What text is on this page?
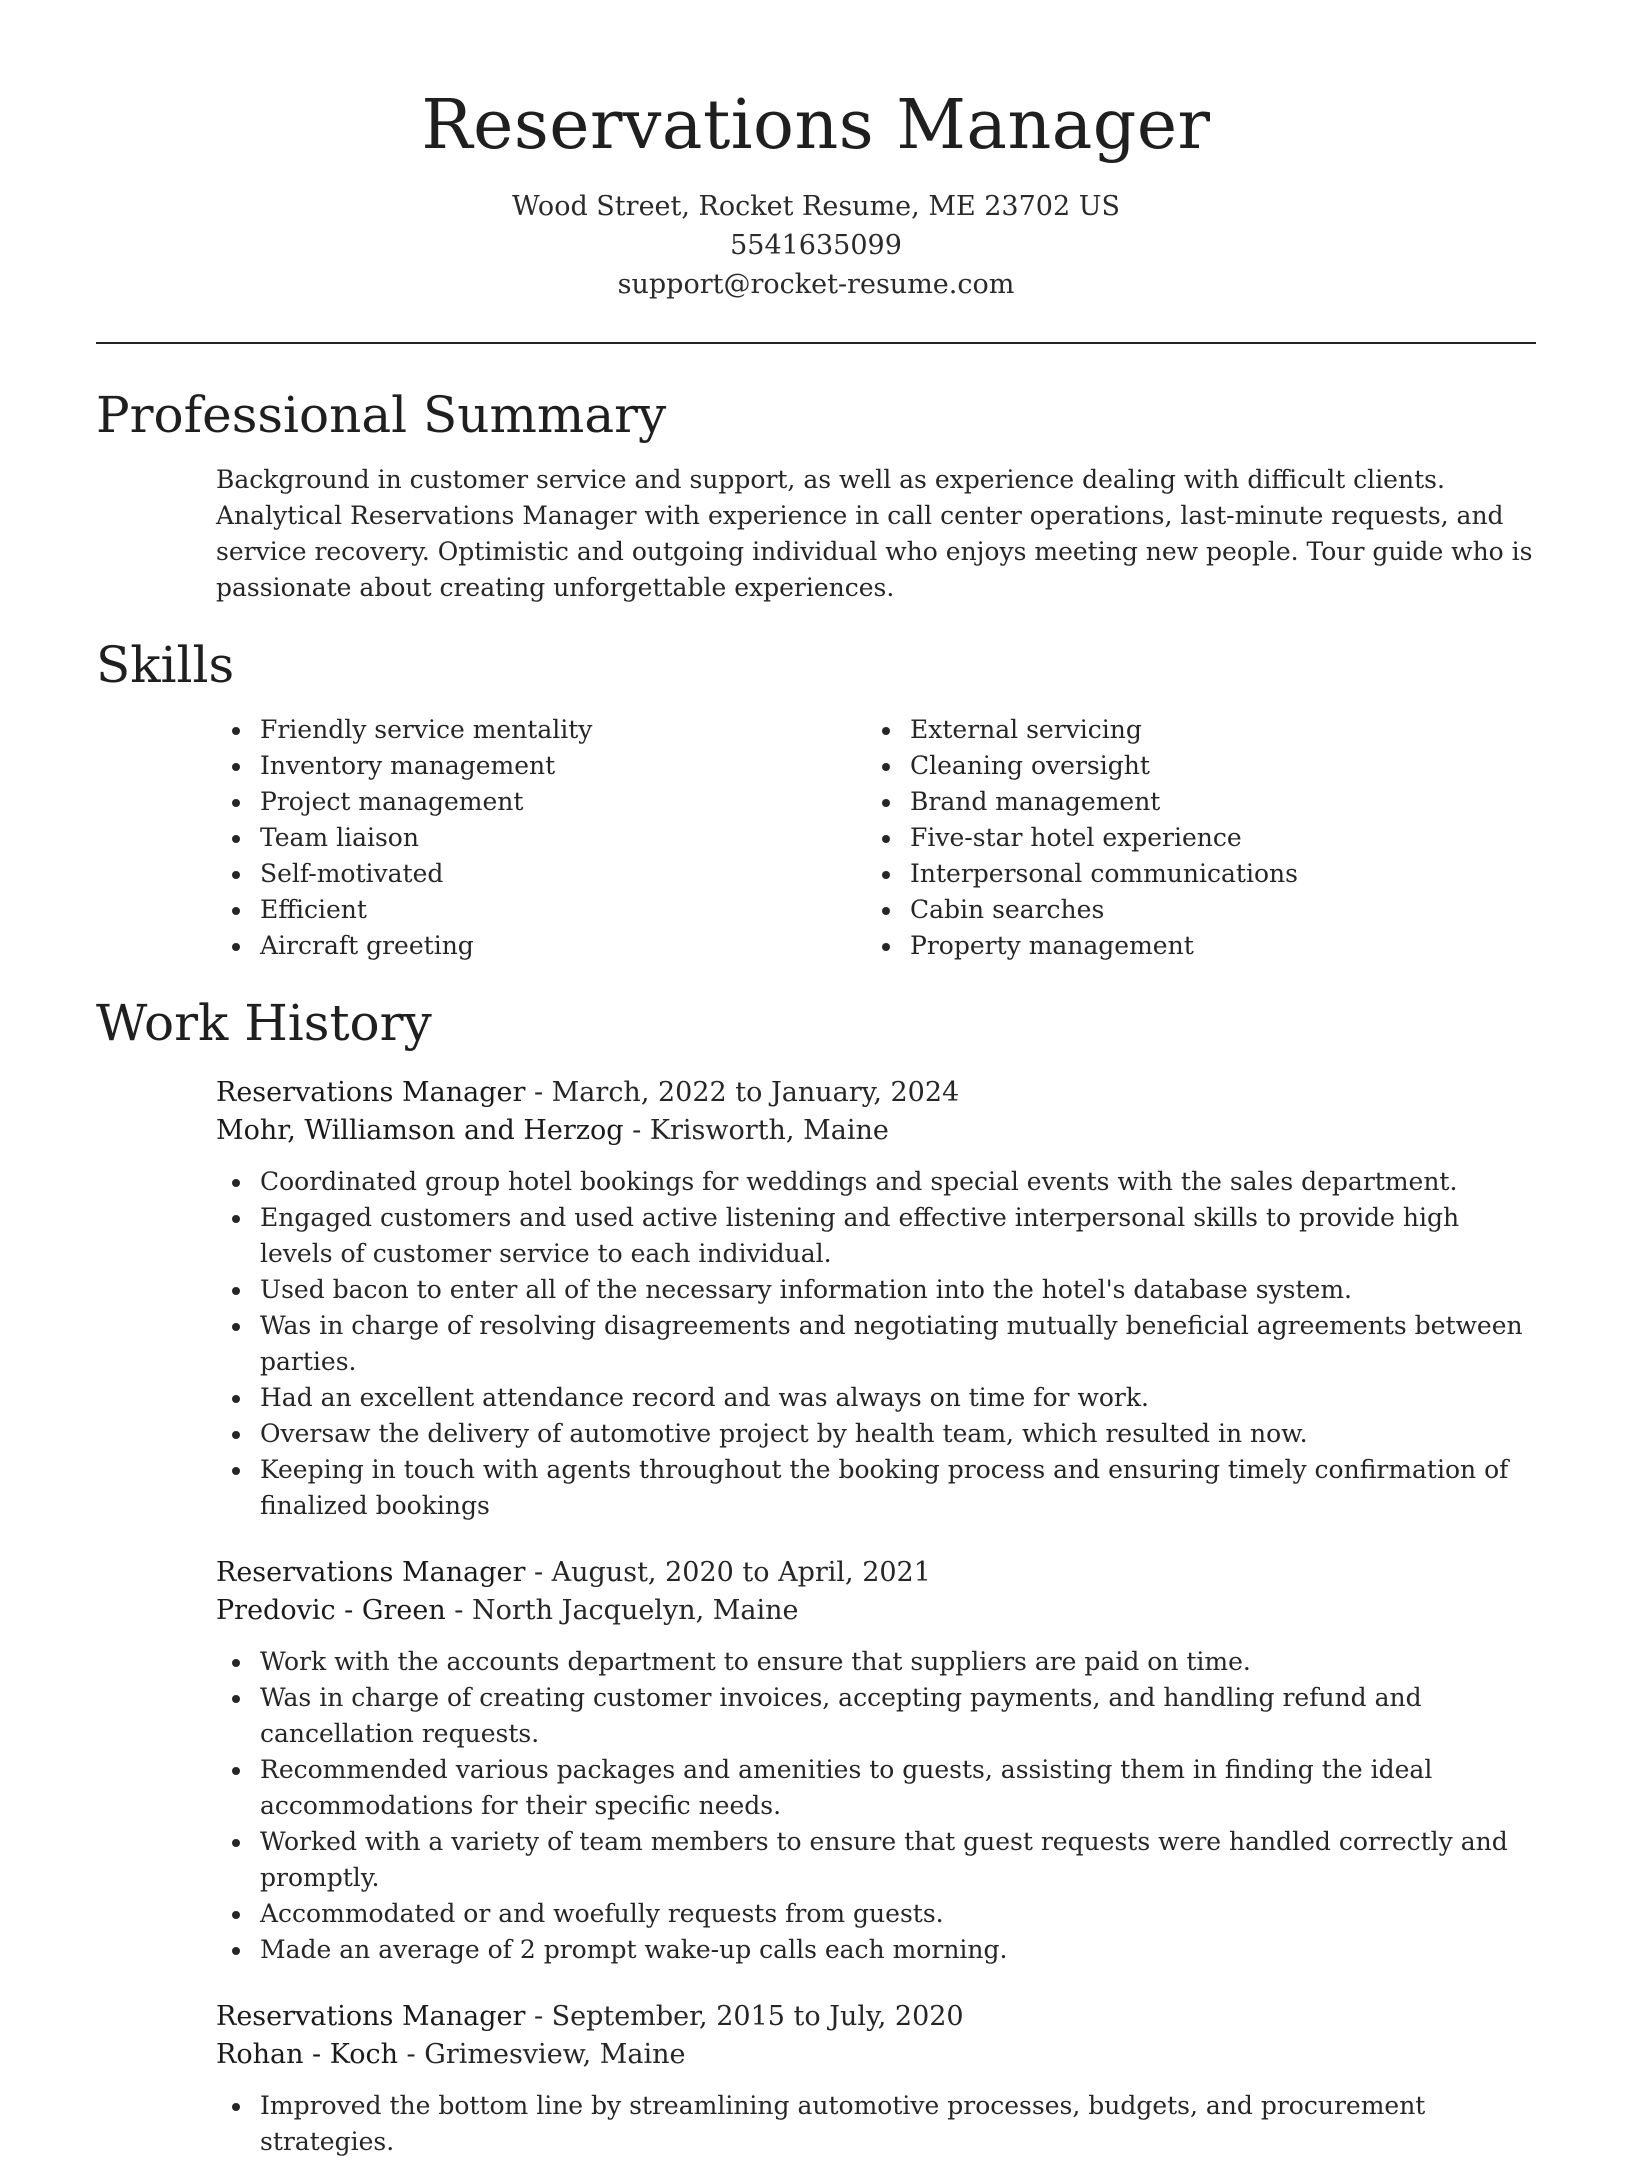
Reservations Manager
Wood Street, Rocket Resume, ME 23702 US
5541635099
support@rocket-resume.com
Professional Summary

Background in customer service and support, as well as experience dealing with difficult clients. Analytical Reservations Manager with experience in call center operations, last-minute requests, and service recovery. Optimistic and outgoing individual who enjoys meeting new people. Tour guide who is passionate about creating unforgettable experiences.

Skills
Friendly service mentality
Inventory management
Project management
Team liaison
Self-motivated
Efficient
Aircraft greeting
External servicing
Cleaning oversight
Brand management
Five-star hotel experience
Interpersonal communications
Cabin searches
Property management
Work History
Reservations Manager - March, 2022 to January, 2024
Mohr, Williamson and Herzog - Krisworth, Maine
Coordinated group hotel bookings for weddings and special events with the sales department.
Engaged customers and used active listening and effective interpersonal skills to provide high levels of customer service to each individual.
Used bacon to enter all of the necessary information into the hotel's database system.
Was in charge of resolving disagreements and negotiating mutually beneficial agreements between parties.
Had an excellent attendance record and was always on time for work.
Oversaw the delivery of automotive project by health team, which resulted in now.
Keeping in touch with agents throughout the booking process and ensuring timely confirmation of finalized bookings
Reservations Manager - August, 2020 to April, 2021
Predovic - Green - North Jacquelyn, Maine
Work with the accounts department to ensure that suppliers are paid on time.
Was in charge of creating customer invoices, accepting payments, and handling refund and cancellation requests.
Recommended various packages and amenities to guests, assisting them in finding the ideal accommodations for their specific needs.
Worked with a variety of team members to ensure that guest requests were handled correctly and promptly.
Accommodated or and woefully requests from guests.
Made an average of 2 prompt wake-up calls each morning.
Reservations Manager - September, 2015 to July, 2020
Rohan - Koch - Grimesview, Maine
Improved the bottom line by streamlining automotive processes, budgets, and procurement strategies.
